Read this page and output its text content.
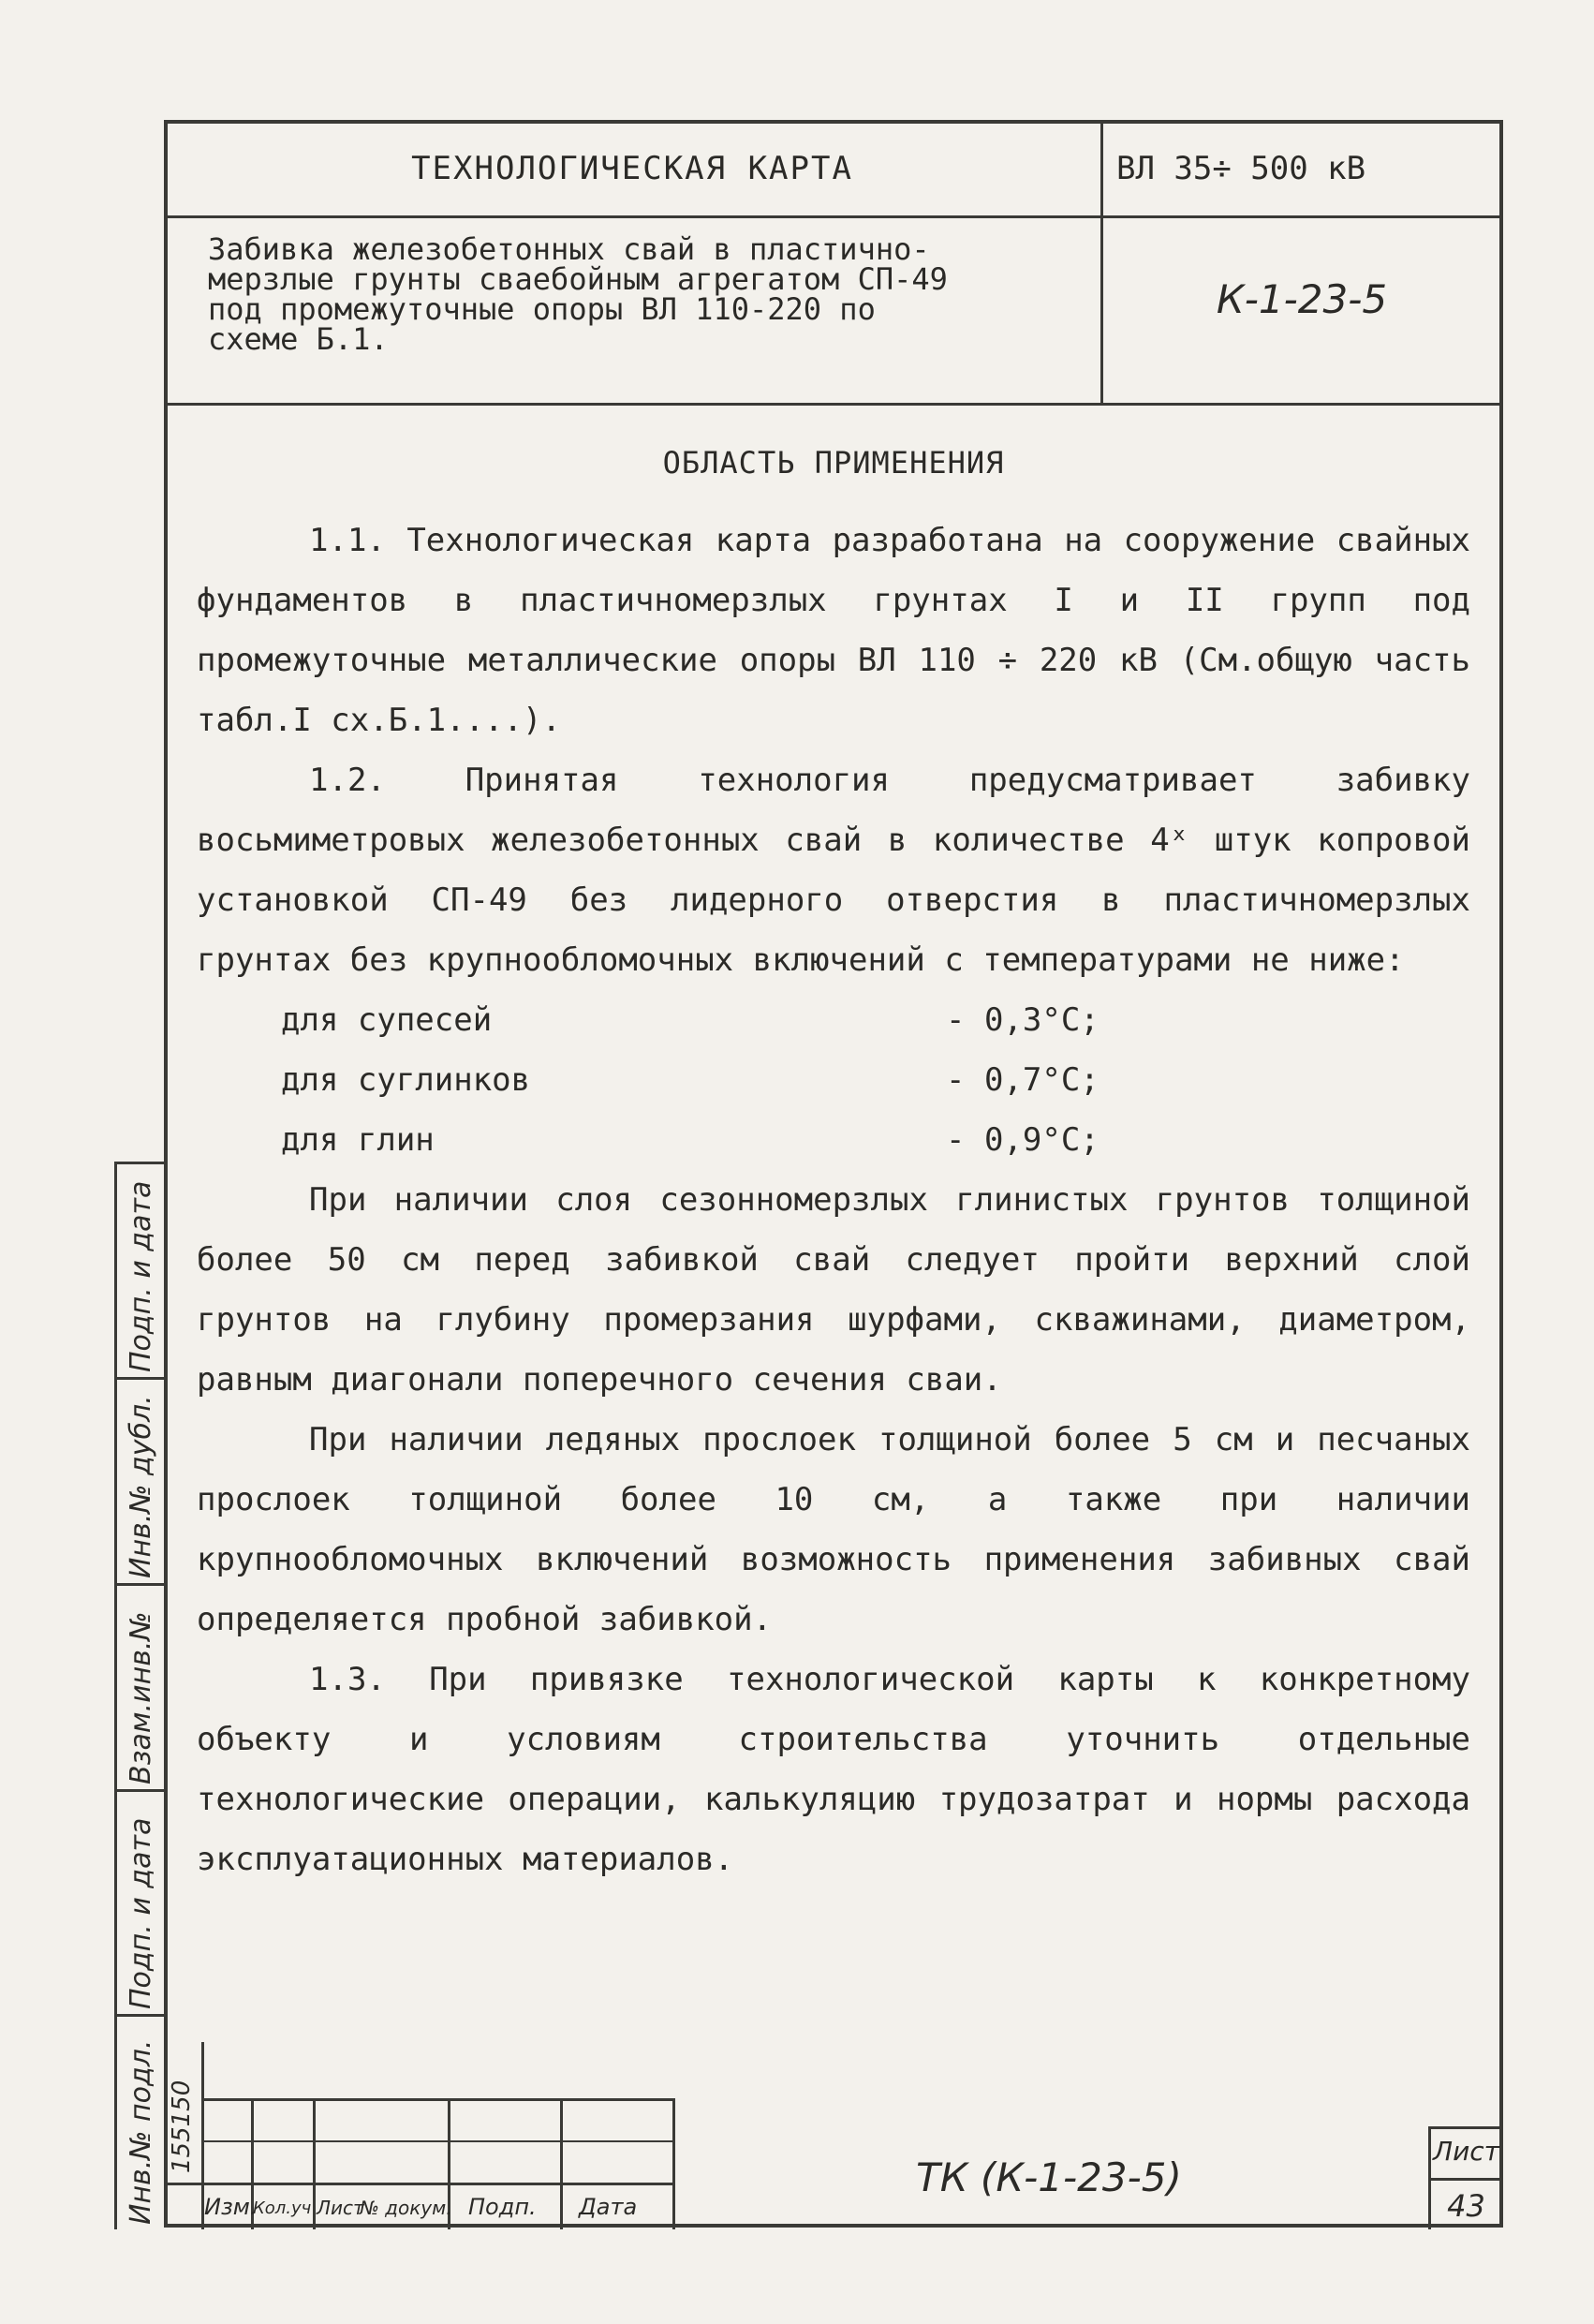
ТЕХНОЛОГИЧЕСКАЯ КАРТА	ВЛ 35÷ 500 кВ
Забивка железобетонных свай в пластично-
мерзлые грунты сваебойным агрегатом СП-49
под промежуточные опоры ВЛ 110-220 по
схеме Б.1.
К-1-23-5
ОБЛАСТЬ ПРИМЕНЕНИЯ

1.1. Технологическая карта разработана на сооружение свайных фундаментов в пластичномерзлых грунтах I и II групп под промежуточные металлические опоры ВЛ 110 ÷ 220 кВ (См.общую часть табл.I сх.Б.1....).

1.2. Принятая технология предусматривает забивку восьмиметровых железобетонных свай в количестве 4ˣ штук копровой установкой СП-49 без лидерного отверстия в пластичномерзлых грунтах без крупнообломочных включений с температурами не ниже:

для супесей	- 0,3°С;
для суглинков	- 0,7°С;
для глин	- 0,9°С;

При наличии слоя сезонномерзлых глинистых грунтов толщиной более 50 см перед забивкой свай следует пройти верхний слой грунтов на глубину промерзания шурфами, скважинами, диаметром, равным диагонали поперечного сечения сваи.

При наличии ледяных прослоек толщиной более 5 см и песчаных прослоек толщиной более 10 см, а также при наличии крупнообломочных включений возможность применения забивных свай определяется пробной забивкой.

1.3. При привязке технологической карты к конкретному объекту и условиям строительства уточнить отдельные технологические операции, калькуляцию трудозатрат и нормы расхода эксплуатационных материалов.

Подп. и дата
Инв.№ дубл.
Взам.инв.№
Подп. и дата
Инв.№ подл. 155150
Изм.
Кол.уч Лист
№ докум. Подп. Дата
ТК (К-1-23-5)
Лист
43
